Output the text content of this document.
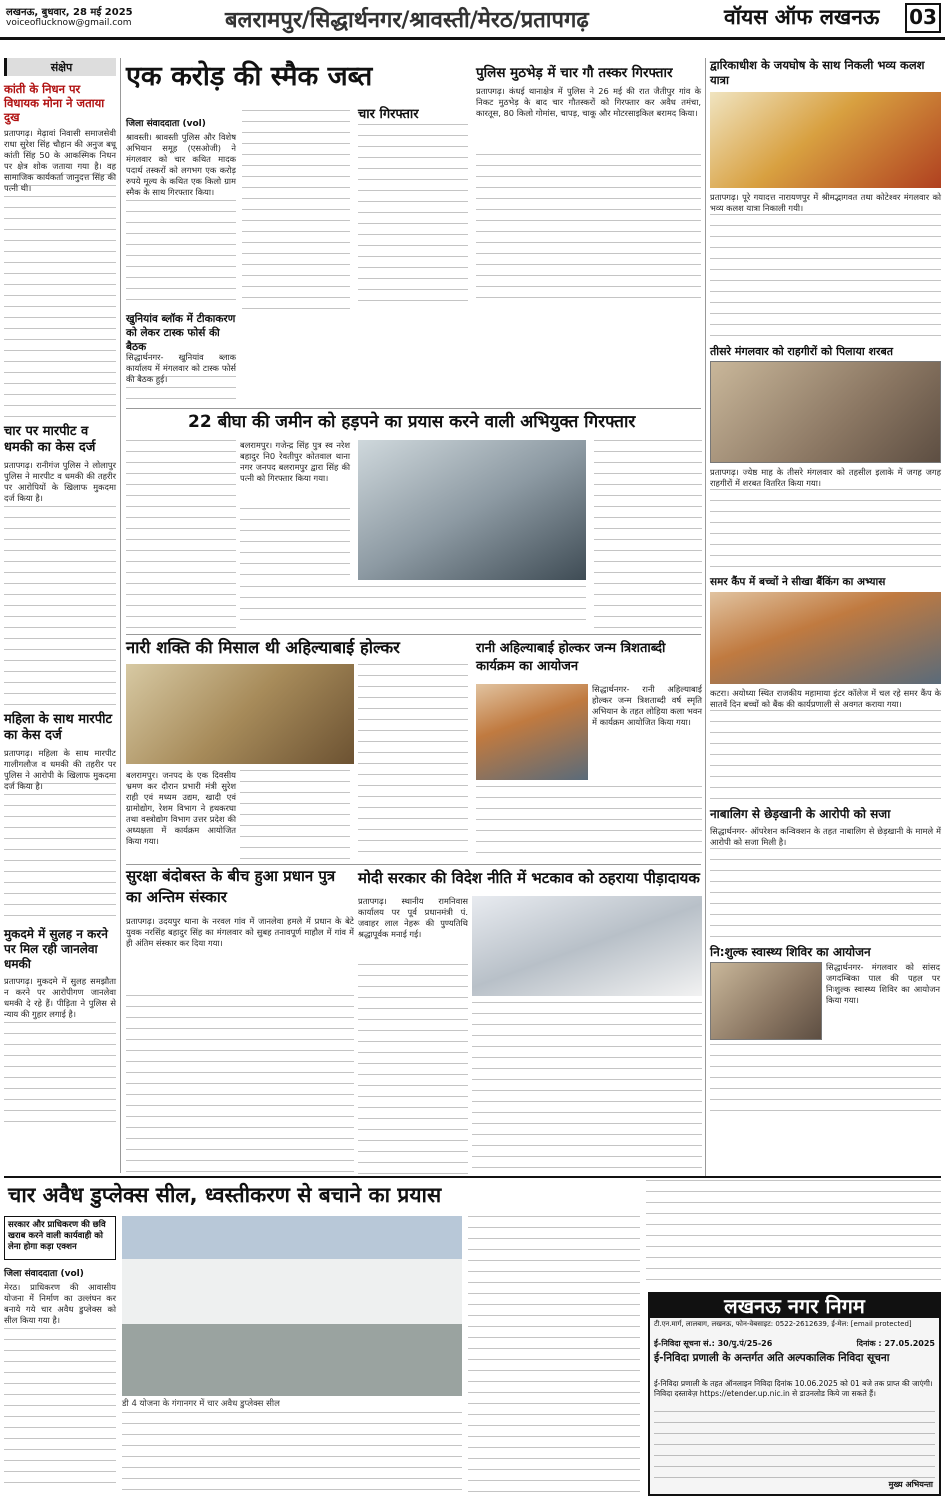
लखनऊ, बुधवार, 28 मई 2025
voiceoflucknow@gmail.com	बलरामपुर/सिद्धार्थनगर/श्रावस्ती/मेरठ/प्रतापगढ़	वॉयस ऑफ लखनऊ 03
संक्षेप
कांती के निधन पर विधायक मोना ने जताया दुख
प्रतापगढ़। मेढ़ावां निवासी समाजसेवी राधा सुरेश सिंह चौहान की अनुज बधू कांती सिंह 50 के आकस्मिक निधन पर क्षेत्र शोक जताया गया है। वह सामाजिक कार्यकर्ता जानुदत्त सिंह की पत्नी थी।
चार पर मारपीट व धमकी का केस दर्ज
प्रतापगढ़। रानीगंज पुलिस ने लोलापुर पुलिस ने मारपीट व धमकी की तहरीर पर आरोपियों के खिलाफ मुकदमा दर्ज किया है।
महिला के साथ मारपीट का केस दर्ज
प्रतापगढ़। महिला के साथ मारपीट गालीगलौज व धमकी की तहरीर पर पुलिस ने आरोपी के खिलाफ मुकदमा दर्ज किया है।
मुकदमे में सुलह न करने पर मिल रही जानलेवा धमकी
प्रतापगढ़। मुकदमे में सुलह समझौता न करने पर आरोपीगण जानलेवा धमकी दे रहे हैं। पीड़िता ने पुलिस से न्याय की गुहार लगाई है।
एक करोड़ की स्मैक जब्त
जिला संवाददाता (vol)
श्रावस्ती। श्रावस्ती पुलिस और विशेष अभियान समूह (एसओजी) ने मंगलवार को चार कथित मादक पदार्थ तस्करों को लगभग एक करोड़ रुपये मूल्य के कथित एक किलो ग्राम स्मैक के साथ गिरफ्तार किया।
चार गिरफ्तार
पुलिस मुठभेड़ में चार गौ तस्कर गिरफ्तार
प्रतापगढ़। कंधई थानाक्षेत्र में पुलिस ने 26 मई की रात जैतीपुर गांव के निकट मुठभेड़ के बाद चार गौतस्करों को गिरफ्तार कर अवैध तमंचा, कारतूस, 80 किलो गोमांस, चापड़, चाकू और मोटरसाइकिल बरामद किया।
खुनियांव ब्लॉक में टीकाकरण को लेकर टास्क फोर्स की बैठक
सिद्धार्थनगर- खुनियांव ब्लाक कार्यालय में मंगलवार को टास्क फोर्स की बैठक हुई।
22 बीघा की जमीन को हड़पने का प्रयास करने वाली अभियुक्त गिरफ्तार
बलरामपुर। गजेन्द्र सिंह पुत्र स्व नरेश बहादुर नि0 रेवतीपुर कोतवाल थाना नगर जनपद बलरामपुर द्वारा सिंह की पत्नी को गिरफ्तार किया गया।
नारी शक्ति की मिसाल थी अहिल्याबाई होल्कर
बलरामपुर। जनपद के एक दिवसीय भ्रमण कर दौरान प्रभारी मंत्री सुरेश राही एवं मध्यम उद्यम, खादी एवं ग्रामोद्योग, रेशम विभाग ने हथकरघा तथा वस्त्रोद्योग विभाग उत्तर प्रदेश की अध्यक्षता में कार्यक्रम आयोजित किया गया।
रानी अहिल्याबाई होल्कर जन्म त्रिशताब्दी कार्यक्रम का आयोजन
सिद्धार्थनगर- रानी अहिल्याबाई होल्कर जन्म त्रिशताब्दी वर्ष स्मृति अभियान के तहत लोहिया कला भवन में कार्यक्रम आयोजित किया गया।
सुरक्षा बंदोबस्त के बीच हुआ प्रधान पुत्र का अन्तिम संस्कार
प्रतापगढ़। उदयपुर थाना के नरवल गांव में जानलेवा हमले में प्रधान के बेटे युवक नरसिंह बहादुर सिंह का मंगलवार को सुबह तनावपूर्ण माहौल में गांव में ही अंतिम संस्कार कर दिया गया।
मोदी सरकार की विदेश नीति में भटकाव को ठहराया पीड़ादायक
प्रतापगढ़। स्थानीय रामनिवास कार्यालय पर पूर्व प्रधानमंत्री पं. जवाहर लाल नेहरू की पुण्यतिथि श्रद्धापूर्वक मनाई गई।
द्वारिकाधीश के जयघोष के साथ निकली भव्य कलश यात्रा
प्रतापगढ़। पूरे गयादत्त नारायणपुर में श्रीमद्भागवत तथा कोटेश्वर मंगलवार को भव्य कलश यात्रा निकाली गयी।
तीसरे मंगलवार को राहगीरों को पिलाया शरबत
प्रतापगढ़। ज्येष्ठ माह के तीसरे मंगलवार को तहसील इलाके में जगह जगह राहगीरों में शरबत वितरित किया गया।
समर कैंप में बच्चों ने सीखा बैंकिंग का अभ्यास
कटरा। अयोध्या स्थित राजकीय महामाया इंटर कॉलेज में चल रहे समर कैंप के सातवें दिन बच्चों को बैंक की कार्यप्रणाली से अवगत कराया गया।
नाबालिग से छेड़खानी के आरोपी को सजा
सिद्धार्थनगर- ऑपरेशन कन्विक्शन के तहत नाबालिग से छेड़खानी के मामले में आरोपी को सजा मिली है।
नि:शुल्क स्वास्थ्य शिविर का आयोजन
सिद्धार्थनगर- मंगलवार को सांसद जगदम्बिका पाल की पहल पर निःशुल्क स्वास्थ्य शिविर का आयोजन किया गया।
चार अवैध डुप्लेक्स सील, ध्वस्तीकरण से बचाने का प्रयास
सरकार और प्राधिकरण की छवि खराब करने वाली कार्यवाही को लेना होगा कड़ा एक्शन
जिला संवाददाता (vol)
मेरठ। प्राधिकरण की आवासीय योजना में निर्माण का उल्लंघन कर बनाये गये चार अवैध डुप्लेक्स को सील किया गया है।
डी 4 योजना के गंगानगर में चार अवैध डुप्लेक्स सील
लखनऊ नगर निगम
टी.एन.मार्ग, लालबाग, लखनऊ, फोन-वेबसाइट: 0522-2612639, ई-मेल: [email protected]
ई-निविदा सूचना सं.: 30/पु.पं/25-26	दिनांक : 27.05.2025
ई-निविदा प्रणाली के अन्तर्गत अति अल्पकालिक निविदा सूचना
ई-निविदा प्रणाली के तहत ऑनलाइन निविदा दिनांक 10.06.2025 को 01 बजे तक प्राप्त की जाएंगी। निविदा दस्तावेज़ https://etender.up.nic.in से डाउनलोड किये जा सकते हैं।
मुख्य अभियन्ता
